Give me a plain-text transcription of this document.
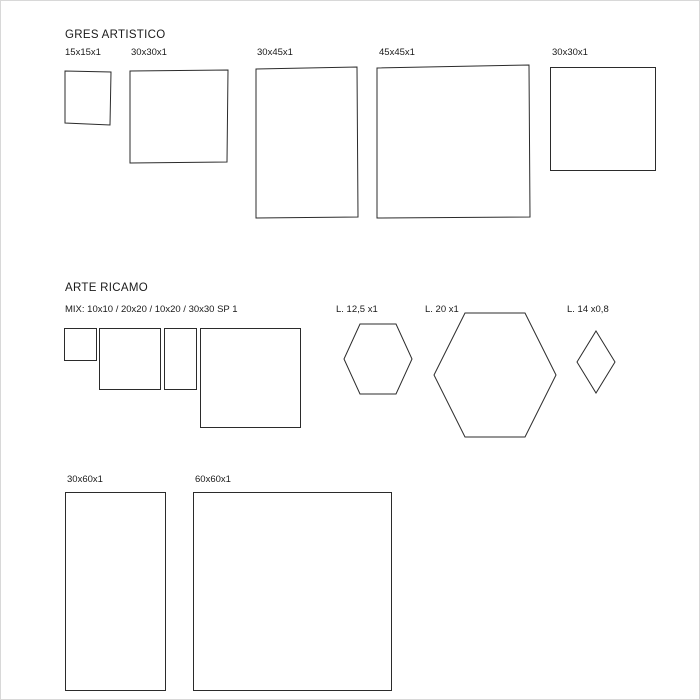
GRES ARTISTICO
15x15x1	30x30x1	30x45x1	45x45x1	30x30x1
ARTE RICAMO
MIX: 10x10 / 20x20 / 10x20 / 30x30 SP 1	L. 12,5 x1	L. 20 x1	L. 14 x0,8
30x60x1	60x60x1
